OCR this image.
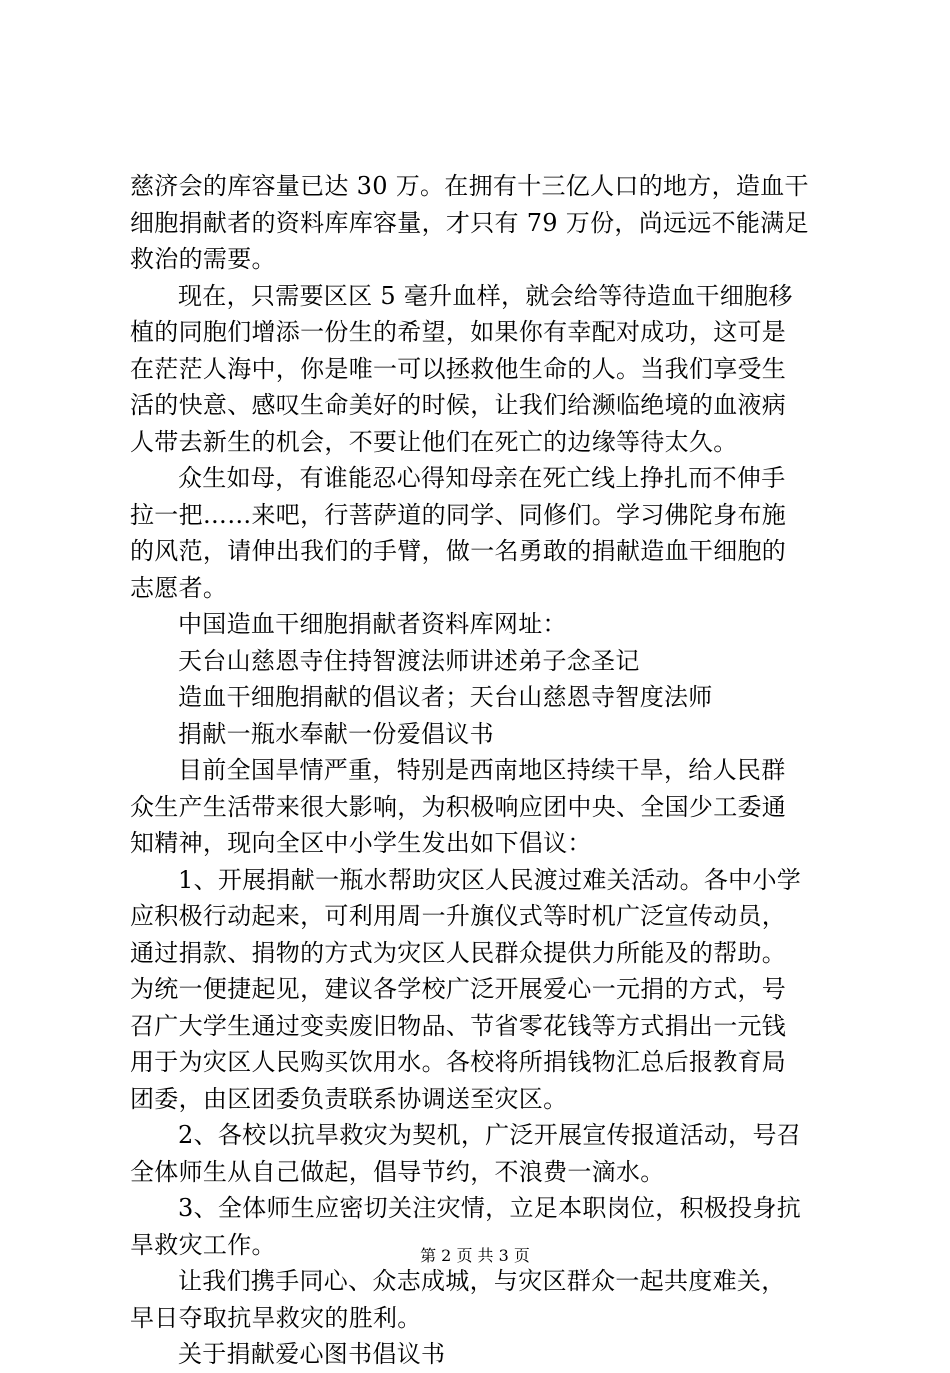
慈济会的库容量已达 30 万。在拥有十三亿人口的地方，造血干
细胞捐献者的资料库库容量，才只有 79 万份，尚远远不能满足
救治的需要。
现在，只需要区区 5 毫升血样，就会给等待造血干细胞移
植的同胞们增添一份生的希望，如果你有幸配对成功，这可是
在茫茫人海中，你是唯一可以拯救他生命的人。当我们享受生
活的快意、感叹生命美好的时候，让我们给濒临绝境的血液病
人带去新生的机会，不要让他们在死亡的边缘等待太久。
众生如母，有谁能忍心得知母亲在死亡线上挣扎而不伸手
拉一把……来吧，行菩萨道的同学、同修们。学习佛陀身布施
的风范，请伸出我们的手臂，做一名勇敢的捐献造血干细胞的
志愿者。
中国造血干细胞捐献者资料库网址：
天台山慈恩寺住持智渡法师讲述弟子念圣记
造血干细胞捐献的倡议者；天台山慈恩寺智度法师
捐献一瓶水奉献一份爱倡议书
目前全国旱情严重，特别是西南地区持续干旱，给人民群
众生产生活带来很大影响，为积极响应团中央、全国少工委通
知精神，现向全区中小学生发出如下倡议：
1、开展捐献一瓶水帮助灾区人民渡过难关活动。各中小学
应积极行动起来，可利用周一升旗仪式等时机广泛宣传动员，
通过捐款、捐物的方式为灾区人民群众提供力所能及的帮助。
为统一便捷起见，建议各学校广泛开展爱心一元捐的方式，号
召广大学生通过变卖废旧物品、节省零花钱等方式捐出一元钱
用于为灾区人民购买饮用水。各校将所捐钱物汇总后报教育局
团委，由区团委负责联系协调送至灾区。
2、各校以抗旱救灾为契机，广泛开展宣传报道活动，号召
全体师生从自己做起，倡导节约，不浪费一滴水。
3、全体师生应密切关注灾情，立足本职岗位，积极投身抗
旱救灾工作。
让我们携手同心、众志成城，与灾区群众一起共度难关，
早日夺取抗旱救灾的胜利。
关于捐献爱心图书倡议书
第 2 页 共 3 页
